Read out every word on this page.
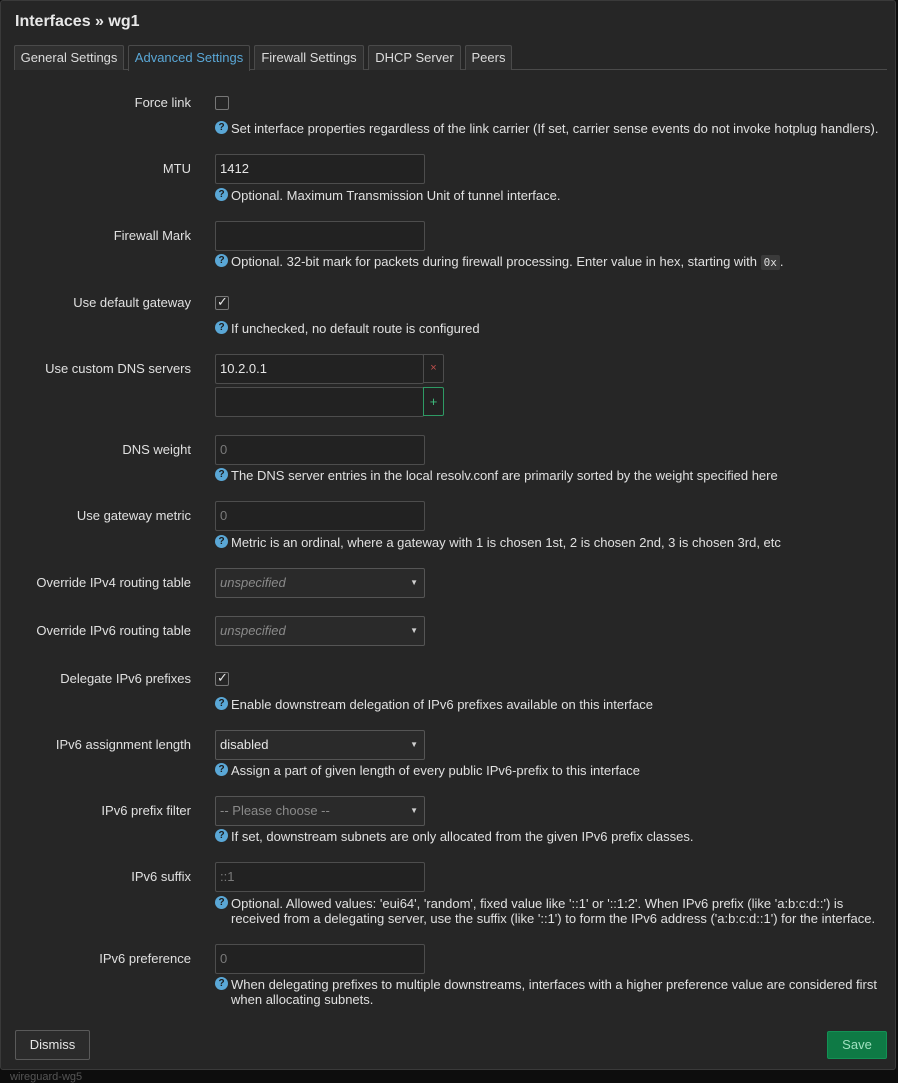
Interfaces » wg1
General Settings	Advanced Settings	Firewall Settings	DHCP Server	Peers
Force link
? Set interface properties regardless of the link carrier (If set, carrier sense events do not invoke hotplug handlers).
MTU	1412
? Optional. Maximum Transmission Unit of tunnel interface.
Firewall Mark
? Optional. 32-bit mark for packets during firewall processing. Enter value in hex, starting with 0x .
Use default gateway ✓
? If unchecked, no default route is configured
Use custom DNS servers	10.2.0.1	×
+
DNS weight	0
? The DNS server entries in the local resolv.conf are primarily sorted by the weight specified here
Use gateway metric	0
? Metric is an ordinal, where a gateway with 1 is chosen 1st, 2 is chosen 2nd, 3 is chosen 3rd, etc
Override IPv4 routing table	unspecified	▼
Override IPv6 routing table	unspecified	▼
Delegate IPv6 prefixes ✓
? Enable downstream delegation of IPv6 prefixes available on this interface
IPv6 assignment length	disabled	▼
? Assign a part of given length of every public IPv6-prefix to this interface
IPv6 prefix filter	-- Please choose --	▼
? If set, downstream subnets are only allocated from the given IPv6 prefix classes.
IPv6 suffix	::1
? Optional. Allowed values: 'eui64', 'random', fixed value like '::1' or '::1:2'. When IPv6 prefix (like 'a:b:c:d::') is received from a delegating server, use the suffix (like '::1') to form the IPv6 address ('a:b:c:d::1') for the interface.
IPv6 preference	0
? When delegating prefixes to multiple downstreams, interfaces with a higher preference value are considered first when allocating subnets.
Dismiss	Save
wireguard-wg5
